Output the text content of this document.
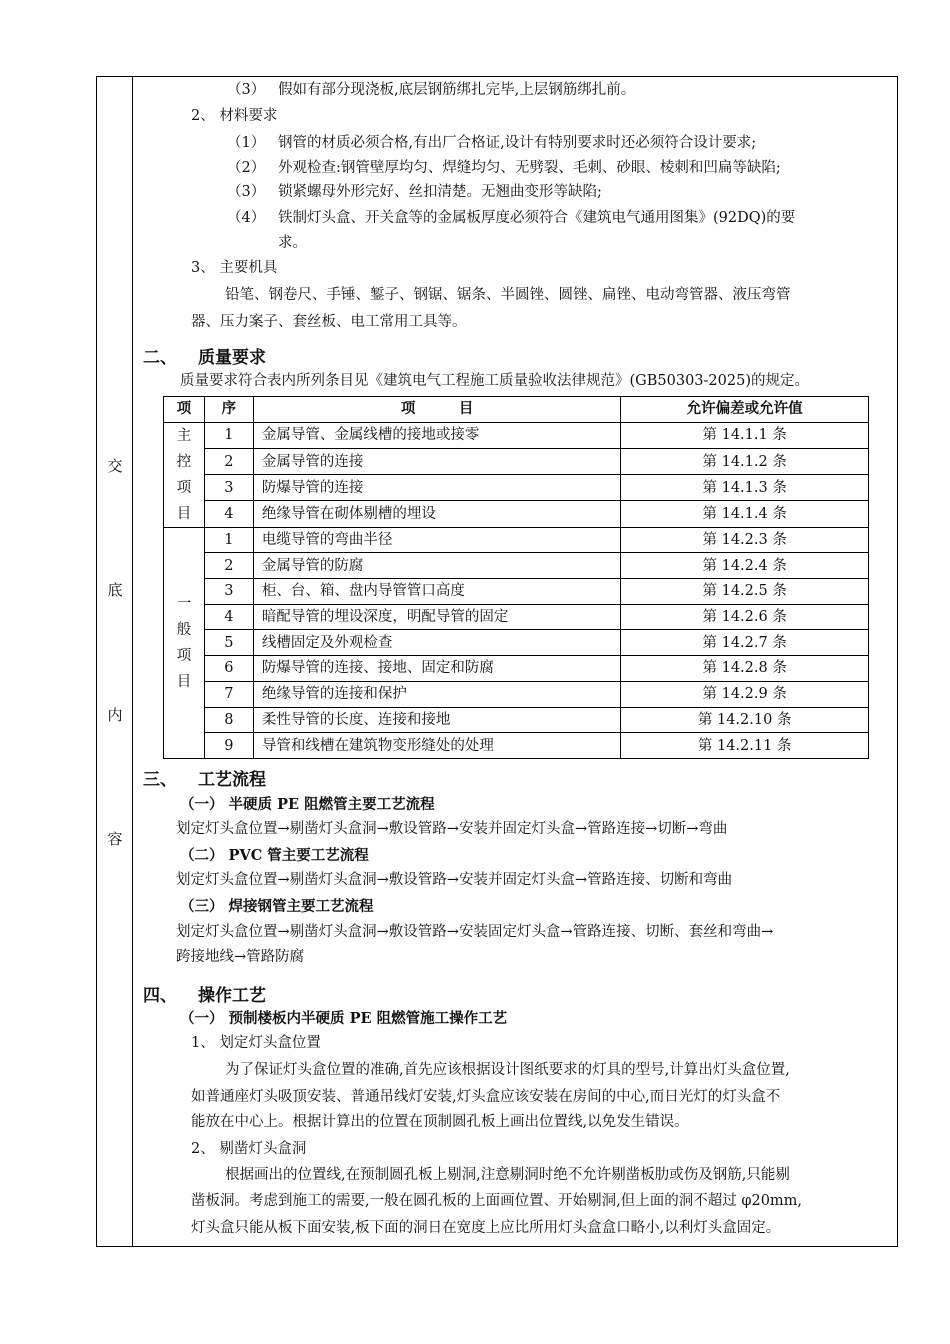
交
底
内
容
（3） 假如有部分现浇板,底层钢筋绑扎完毕,上层钢筋绑扎前。
2、 材料要求
（1） 钢管的材质必须合格,有出厂合格证,设计有特别要求时还必须符合设计要求;
（2） 外观检查:钢管壁厚均匀、焊缝均匀、无劈裂、毛刺、砂眼、棱刺和凹扁等缺陷;
（3） 锁紧螺母外形完好、丝扣清楚。无翘曲变形等缺陷;
（4） 铁制灯头盒、开关盒等的金属板厚度必须符合《建筑电气通用图集》(92DQ)的要
求。
3、 主要机具
铅笔、钢卷尺、手锤、錾子、钢锯、锯条、半圆锉、圆锉、扁锉、电动弯管器、液压弯管
器、压力案子、套丝板、电工常用工具等。
二、 质量要求
质量要求符合表内所列条目见《建筑电气工程施工质量验收法律规范》(GB50303-2025)的规定。
项	序	项　　　目	允许偏差或允许值

主
控
项
目	1	金属导管、金属线槽的接地或接零	第 14.1.1 条
	2	金属导管的连接	第 14.1.2 条
	3	防爆导管的连接	第 14.1.3 条
	4	绝缘导管在砌体剔槽的埋设	第 14.1.4 条

一
般
项
目	1	电缆导管的弯曲半径	第 14.2.3 条
	2	金属导管的防腐	第 14.2.4 条
	3	柜、台、箱、盘内导管管口高度	第 14.2.5 条
	4	暗配导管的埋设深度，明配导管的固定	第 14.2.6 条
	5	线槽固定及外观检查	第 14.2.7 条
	6	防爆导管的连接、接地、固定和防腐	第 14.2.8 条
	7	绝缘导管的连接和保护	第 14.2.9 条
	8	柔性导管的长度、连接和接地	第 14.2.10 条
	9	导管和线槽在建筑物变形缝处的处理	第 14.2.11 条
三、 工艺流程
（一） 半硬质 PE 阻燃管主要工艺流程
划定灯头盒位置→剔凿灯头盒洞→敷设管路→安装并固定灯头盒→管路连接→切断→弯曲
（二） PVC 管主要工艺流程
划定灯头盒位置→剔凿灯头盒洞→敷设管路→安装并固定灯头盒→管路连接、切断和弯曲
（三） 焊接钢管主要工艺流程
划定灯头盒位置→剔凿灯头盒洞→敷设管路→安装固定灯头盒→管路连接、切断、套丝和弯曲→
跨接地线→管路防腐
四、 操作工艺
（一） 预制楼板内半硬质 PE 阻燃管施工操作工艺
1、 划定灯头盒位置
为了保证灯头盒位置的准确,首先应该根据设计图纸要求的灯具的型号,计算出灯头盒位置,
如普通座灯头吸顶安装、普通吊线灯安装,灯头盒应该安装在房间的中心,而日光灯的灯头盒不
能放在中心上。根据计算出的位置在顶制圆孔板上画出位置线,以免发生错误。
2、 剔凿灯头盒洞
根据画出的位置线,在预制圆孔板上剔洞,注意剔洞时绝不允许剔凿板肋或伤及钢筋,只能剔
凿板洞。考虑到施工的需要,一般在圆孔板的上面画位置、开始剔洞,但上面的洞不超过 φ20mm,
灯头盒只能从板下面安装,板下面的洞日在宽度上应比所用灯头盒盒口略小,以利灯头盒固定。
